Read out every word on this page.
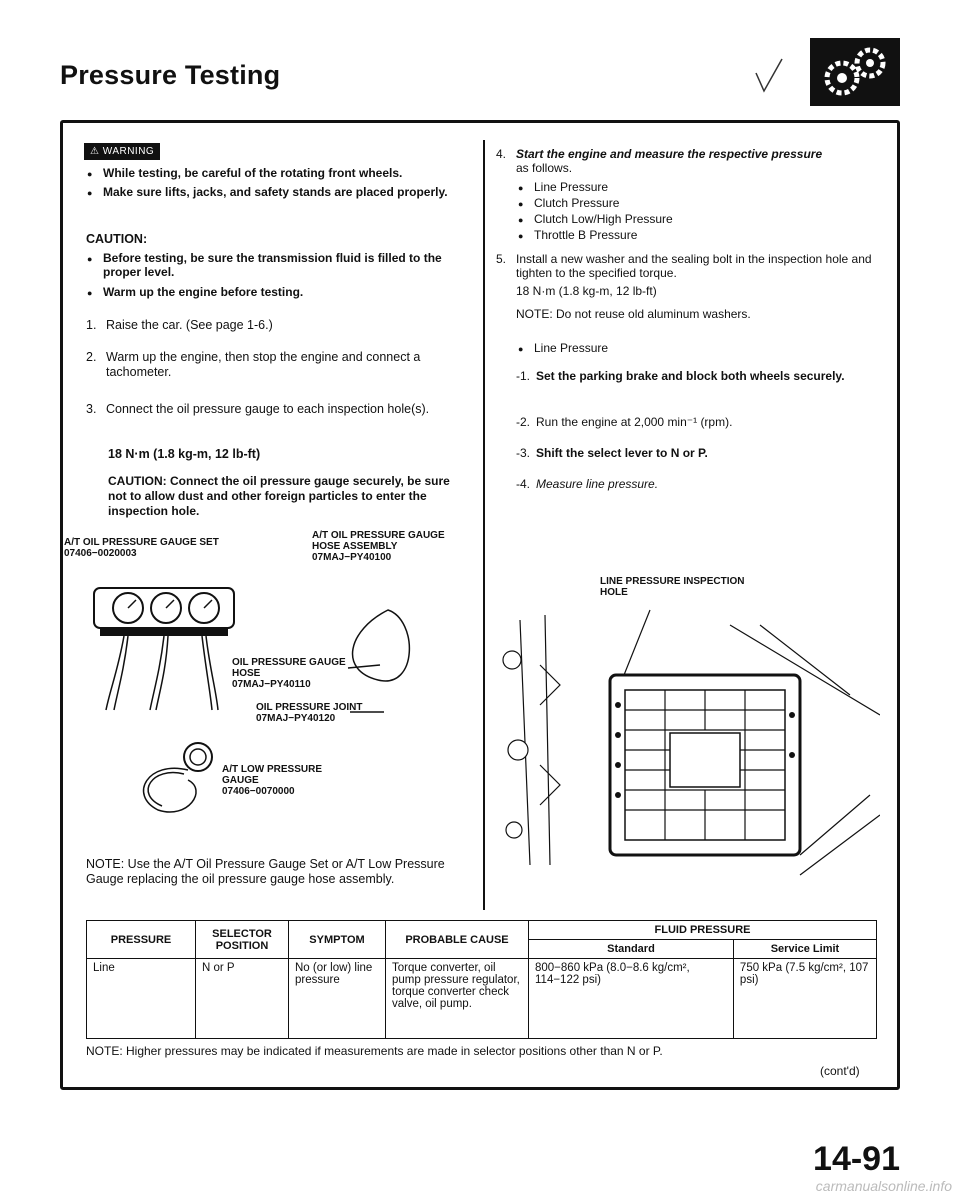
Pressure Testing
⚠ WARNING
● While testing, be careful of the rotating front wheels.
● Make sure lifts, jacks, and safety stands are placed properly.
CAUTION:
● Before testing, be sure the transmission fluid is filled to the proper level.
● Warm up the engine before testing.
1. Raise the car. (See page 1-6.)
2. Warm up the engine, then stop the engine and connect a tachometer.
3. Connect the oil pressure gauge to each inspection hole(s).
18 N·m (1.8 kg-m, 12 lb-ft)
CAUTION: Connect the oil pressure gauge securely, be sure not to allow dust and other foreign particles to enter the inspection hole.
A/T OIL PRESSURE GAUGE SET
07406−0020003
A/T OIL PRESSURE GAUGE HOSE ASSEMBLY
07MAJ−PY40100
OIL PRESSURE GAUGE HOSE
07MAJ−PY40110
OIL PRESSURE JOINT
07MAJ−PY40120
A/T LOW PRESSURE GAUGE
07406−0070000
NOTE: Use the A/T Oil Pressure Gauge Set or A/T Low Pressure Gauge replacing the oil pressure gauge hose assembly.
4. Start the engine and measure the respective pressure
as follows.
● Line Pressure
● Clutch Pressure
● Clutch Low/High Pressure
● Throttle B Pressure
5. Install a new washer and the sealing bolt in the inspection hole and tighten to the specified torque.
18 N·m (1.8 kg-m, 12 lb-ft)
NOTE: Do not reuse old aluminum washers.
● Line Pressure
-1. Set the parking brake and block both wheels securely.
-2. Run the engine at 2,000 min⁻¹ (rpm).
-3. Shift the select lever to N or P.
-4. Measure line pressure.
LINE PRESSURE INSPECTION HOLE
PRESSURE	SELECTOR POSITION	SYMPTOM	PROBABLE CAUSE	FLUID PRESSURE	
				Standard	Service Limit
Line	N or P	No (or low) line pressure	Torque converter, oil pump pressure regulator, torque converter check valve, oil pump.	800−860 kPa (8.0−8.6 kg/cm², 114−122 psi)	750 kPa (7.5 kg/cm², 107 psi)
NOTE: Higher pressures may be indicated if measurements are made in selector positions other than N or P.
(cont'd)
14-91
carmanualsonline.info
